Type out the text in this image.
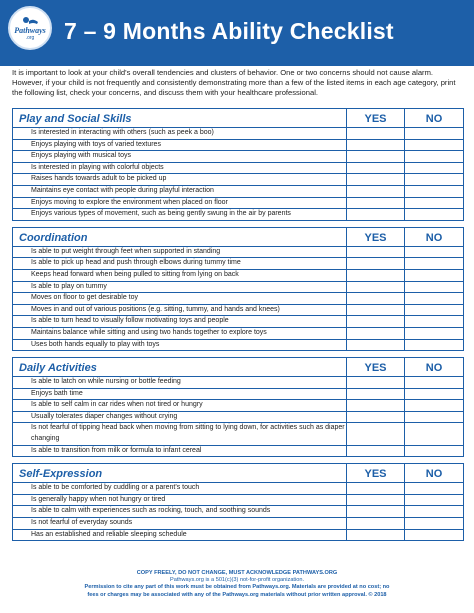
Pathways
.org 7 – 9 Months Ability Checklist
It is important to look at your child's overall tendencies and clusters of behavior. One or two concerns should not cause alarm. However, if your child is not frequently and consistently demonstrating more than a few of the listed items in each age category, print the following list, check your concerns, and discuss them with your healthcare professional.
Play and Social Skills	YES	NO
Is interested in interacting with others (such as peek a boo)
Enjoys playing with toys of varied textures
Enjoys playing with musical toys
Is interested in playing with colorful objects
Raises hands towards adult to be picked up
Maintains eye contact with people during playful interaction
Enjoys moving to explore the environment when placed on floor
Enjoys various types of movement, such as being gently swung in the air by parents
Coordination	YES	NO
Is able to put weight through feet when supported in standing
Is able to pick up head and push through elbows during tummy time
Keeps head forward when being pulled to sitting from lying on back
Is able to play on tummy
Moves on floor to get desirable toy
Moves in and out of various positions (e.g. sitting, tummy, and hands and knees)
Is able to turn head to visually follow motivating toys and people
Maintains balance while sitting and using two hands together to explore toys
Uses both hands equally to play with toys
Daily Activities	YES	NO
Is able to latch on while nursing or bottle feeding
Enjoys bath time
Is able to self calm in car rides when not tired or hungry
Usually tolerates diaper changes without crying
Is not fearful of tipping head back when moving from sitting to lying down, for activities such as diaper changing
Is able to transition from milk or formula to infant cereal
Self-Expression	YES	NO
Is able to be comforted by cuddling or a parent's touch
Is generally happy when not hungry or tired
Is able to calm with experiences such as rocking, touch, and soothing sounds
Is not fearful of everyday sounds
Has an established and reliable sleeping schedule
COPY FREELY, DO NOT CHANGE, MUST ACKNOWLEDGE PATHWAYS.ORG
Pathways.org is a 501(c)(3) not-for-profit organization.
Permission to cite any part of this work must be obtained from Pathways.org. Materials are provided at no cost; no
fees or charges may be associated with any of the Pathways.org materials without prior written approval. © 2018
